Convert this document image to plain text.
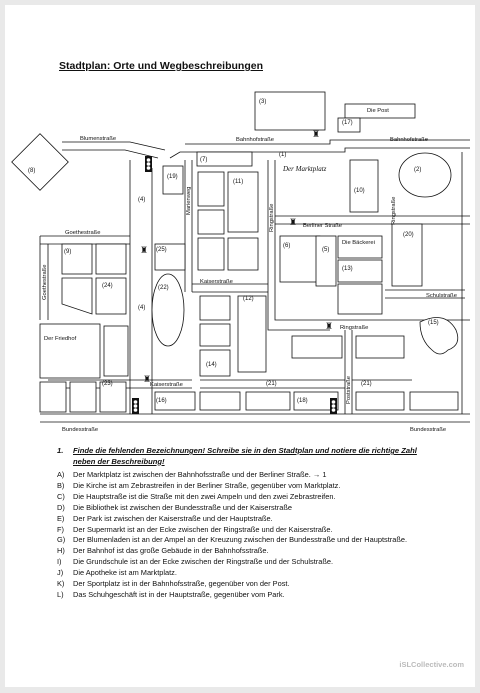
Stadtplan: Orte und Wegbeschreibungen
♜
♜
♜
♜
♜
Blumenstraße	Bahnhofstraße	Bahnhofstraße
Berliner Straße
Goethestraße
Goethestraße
Marienweg
Ringstraße	Ringstraße
Ringstraße
Kaiserstraße
Kaiserstraße
Schulstraße
Poststraße
Bundesstraße	Bundesstraße
Die Post
Der Marktplatz
Die Bäckerei
Der Friedhof
(1)
(2)
(3)
(4)
(4)
(5)
(6)
(7)
(8)
(9)
(10)
(11)
(12)
(13)
(14)
(15)
(16)
(17)
(18)
(19)
(20)
(21)	(21)
(22)
(23)
(24)
(25)
1.	Finde die fehlenden Bezeichnungen! Schreibe sie in den Stadtplan und notiere die richtige Zahl neben der Beschreibung!
A) Der Marktplatz ist zwischen der Bahnhofsstraße und der Berliner Straße. → 1
B) Die Kirche ist am Zebrastreifen in der Berliner Straße, gegenüber vom Marktplatz.
C) Die Hauptstraße ist die Straße mit den zwei Ampeln und den zwei Zebrastreifen.
D) Die Bibliothek ist zwischen der Bundesstraße und der Kaiserstraße
E) Der Park ist zwischen der Kaiserstraße und der Hauptstraße.
F) Der Supermarkt ist an der Ecke zwischen der Ringstraße und der Kaiserstraße.
G) Der Blumenladen ist an der Ampel an der Kreuzung zwischen der Bundesstraße und der Hauptstraße.
H) Der Bahnhof ist das große Gebäude in der Bahnhofsstraße.
I) Die Grundschule ist an der Ecke zwischen der Ringstraße und der Schulstraße.
J) Die Apotheke ist am Marktplatz.
K) Der Sportplatz ist in der Bahnhofsstraße, gegenüber von der Post.
L) Das Schuhgeschäft ist in der Hauptstraße, gegenüber vom Park.
iSLCollective.com
